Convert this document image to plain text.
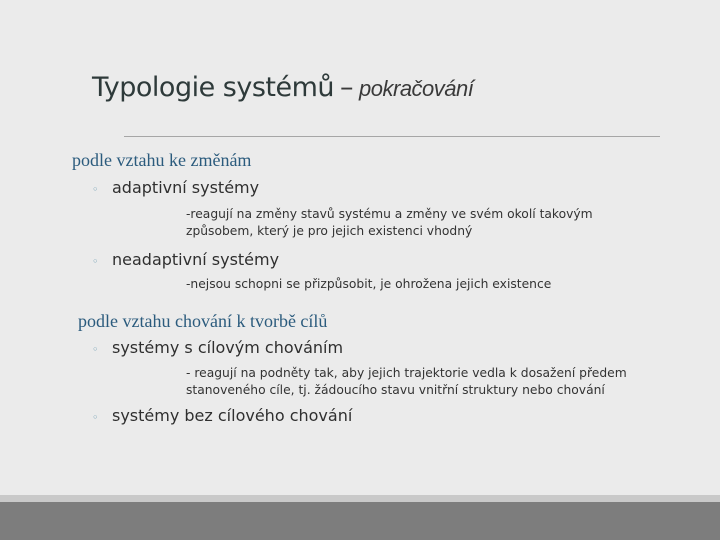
Typologie systémů – pokračování
podle vztahu ke změnám
◦ adaptivní systémy

-reagují na změny stavů systému a změny ve svém okolí takovým
způsobem, který je pro jejich existenci vhodný

◦ neadaptivní systémy

-nejsou schopni se přizpůsobit, je ohrožena jejich existence

podle vztahu chování k tvorbě cílů
◦ systémy s cílovým chováním

- reagují na podněty tak, aby jejich trajektorie vedla k dosažení předem
stanoveného cíle, tj. žádoucího stavu vnitřní struktury nebo chování

◦ systémy bez cílového chování
